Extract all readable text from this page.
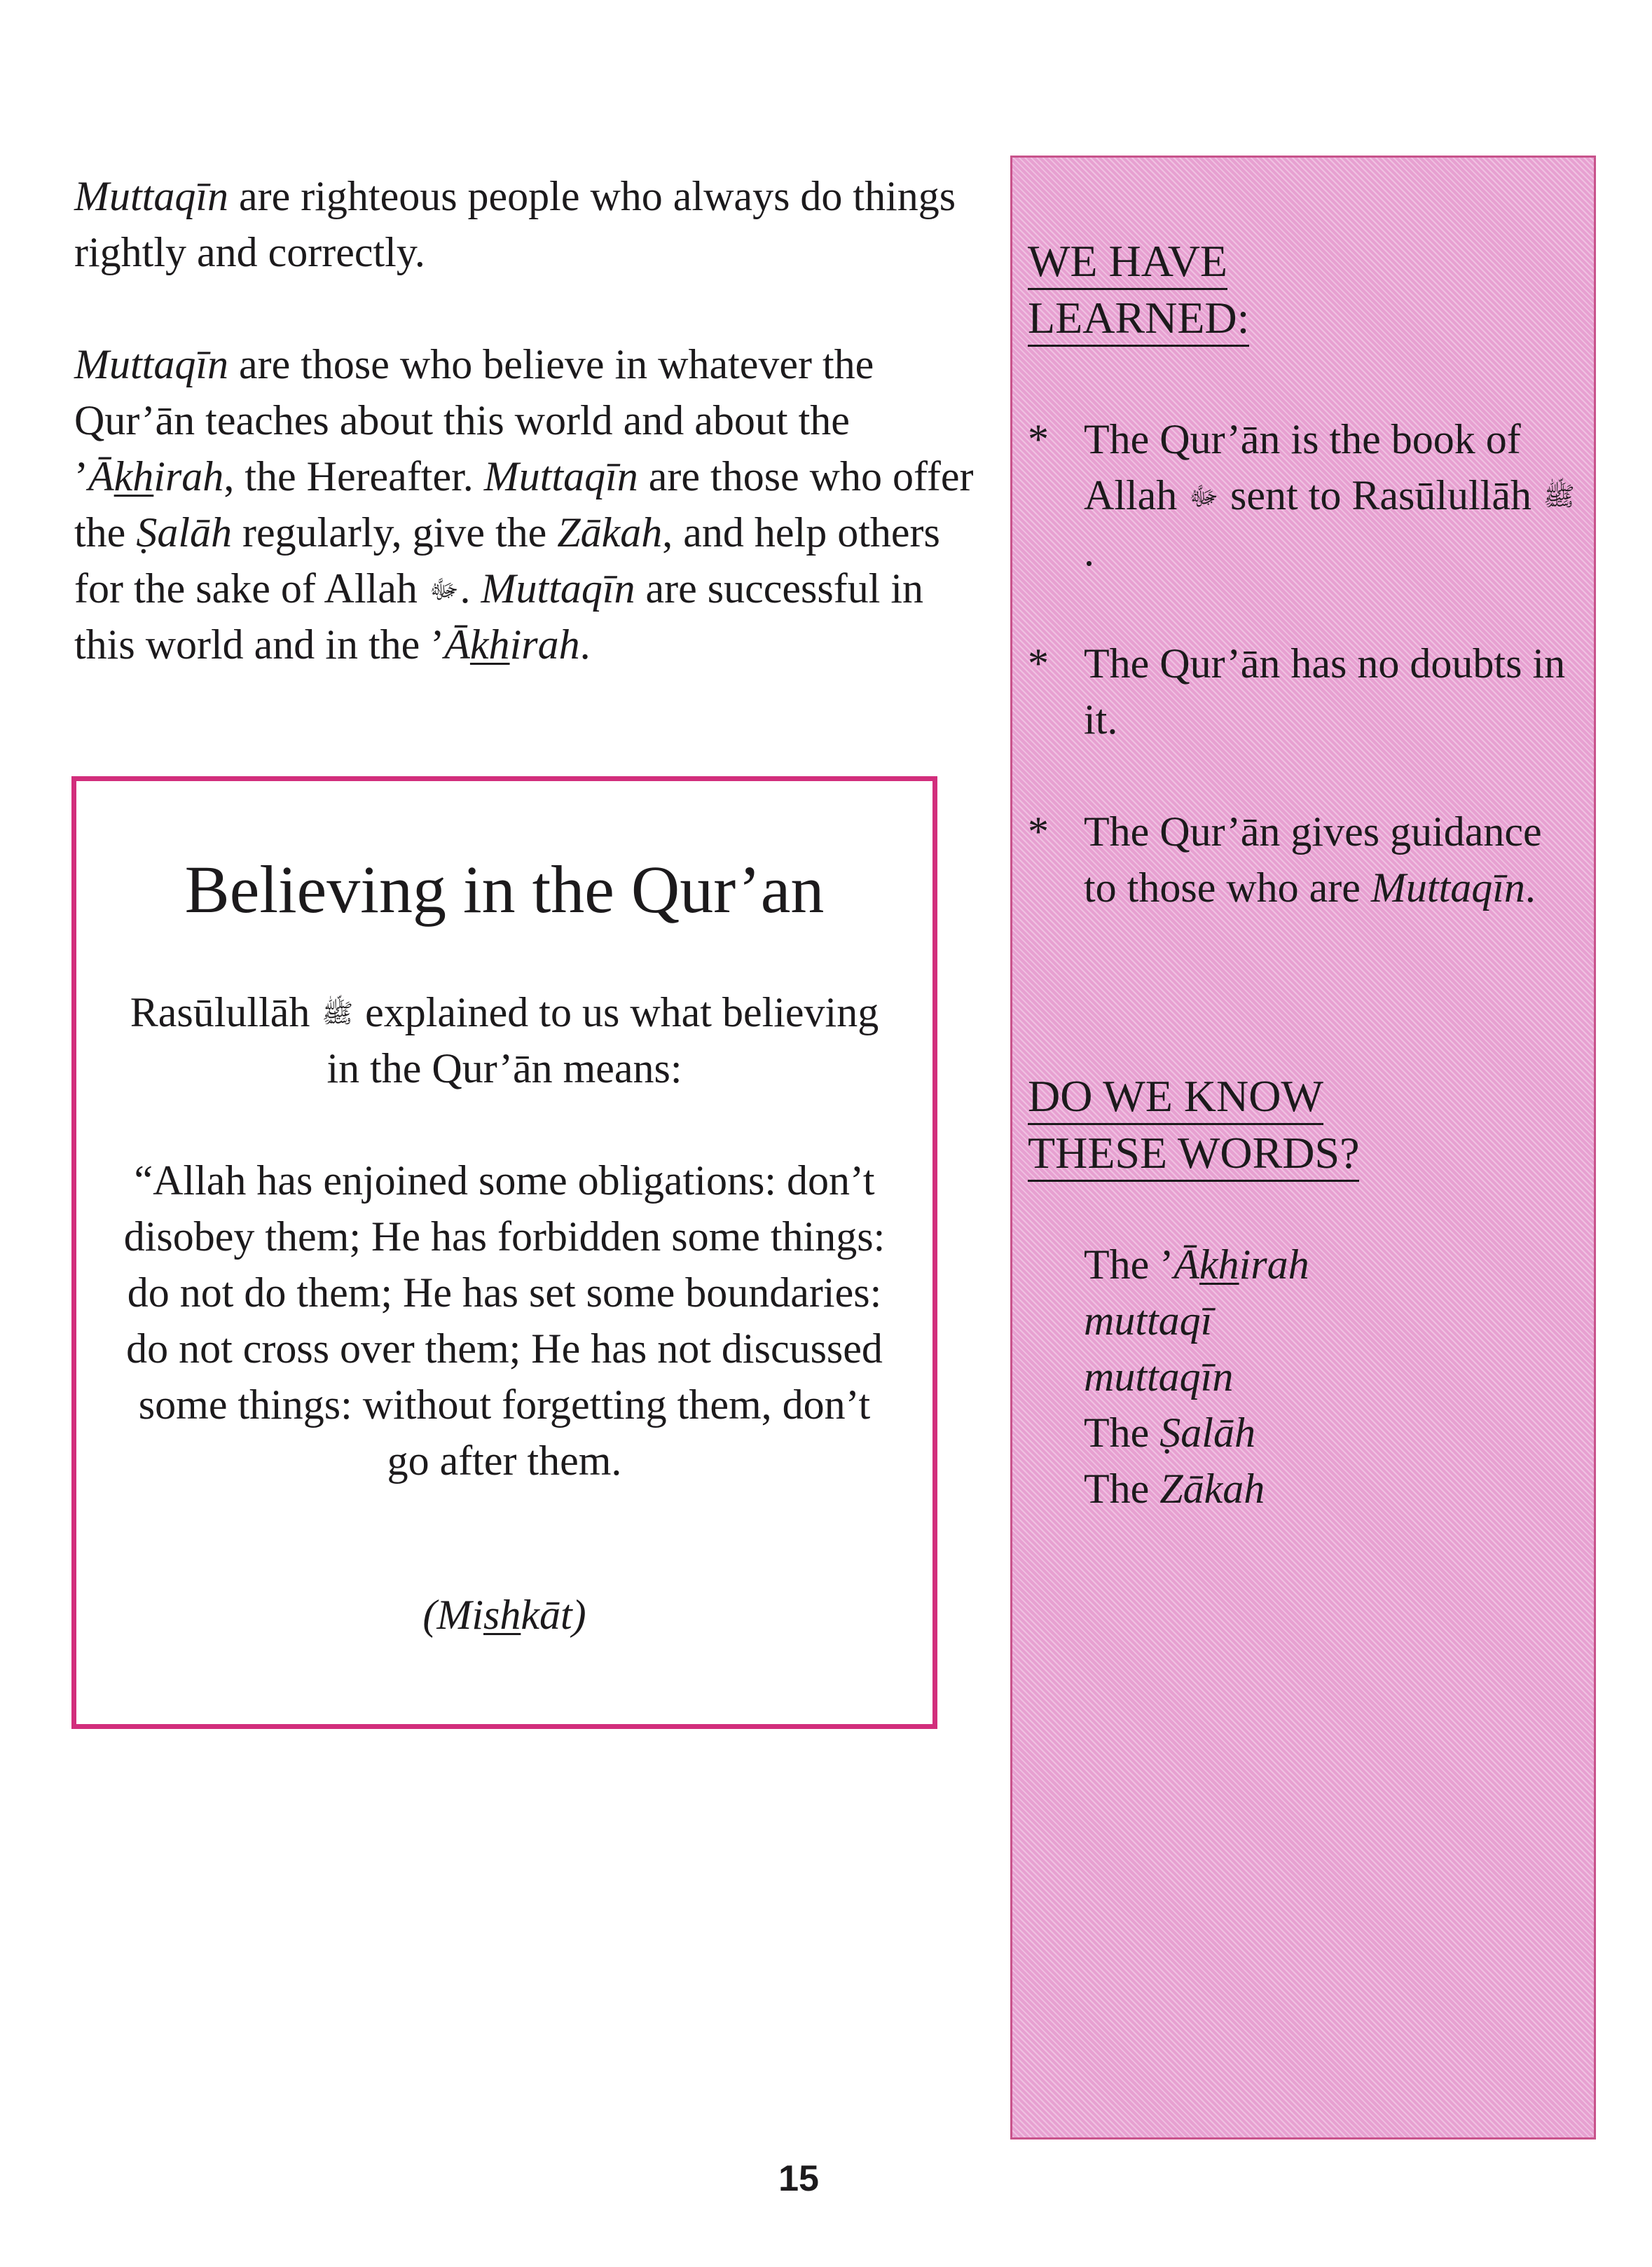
Muttaqīn are righteous people who always do things rightly and correctly.

Muttaqīn are those who believe in whatever the Qur’ān teaches about this world and about the ’Ākhirah, the Hereafter. Muttaqīn are those who offer the Ṣalāh regularly, give the Zākah, and help others for the sake of Allah ﷻ. Muttaqīn are successful in this world and in the ’Ākhirah.

Believing in the Qur’an

Rasūlullāh ﷺ explained to us what believing in the Qur’ān means:

“Allah has enjoined some obligations: don’t disobey them; He has forbidden some things: do not do them; He has set some boundaries: do not cross over them; He has not discussed some things: without forgetting them, don’t go after them.

(Mishkāt)

WE HAVE
LEARNED:
* The Qur’ān is the book of Allah ﷻ sent to Rasūlullāh ﷺ.
* The Qur’ān has no doubts in it.
* The Qur’ān gives guidance to those who are Muttaqīn.
DO WE KNOW
THESE WORDS?
The ’Ākhirah
muttaqī
muttaqīn
The Ṣalāh
The Zākah
15
